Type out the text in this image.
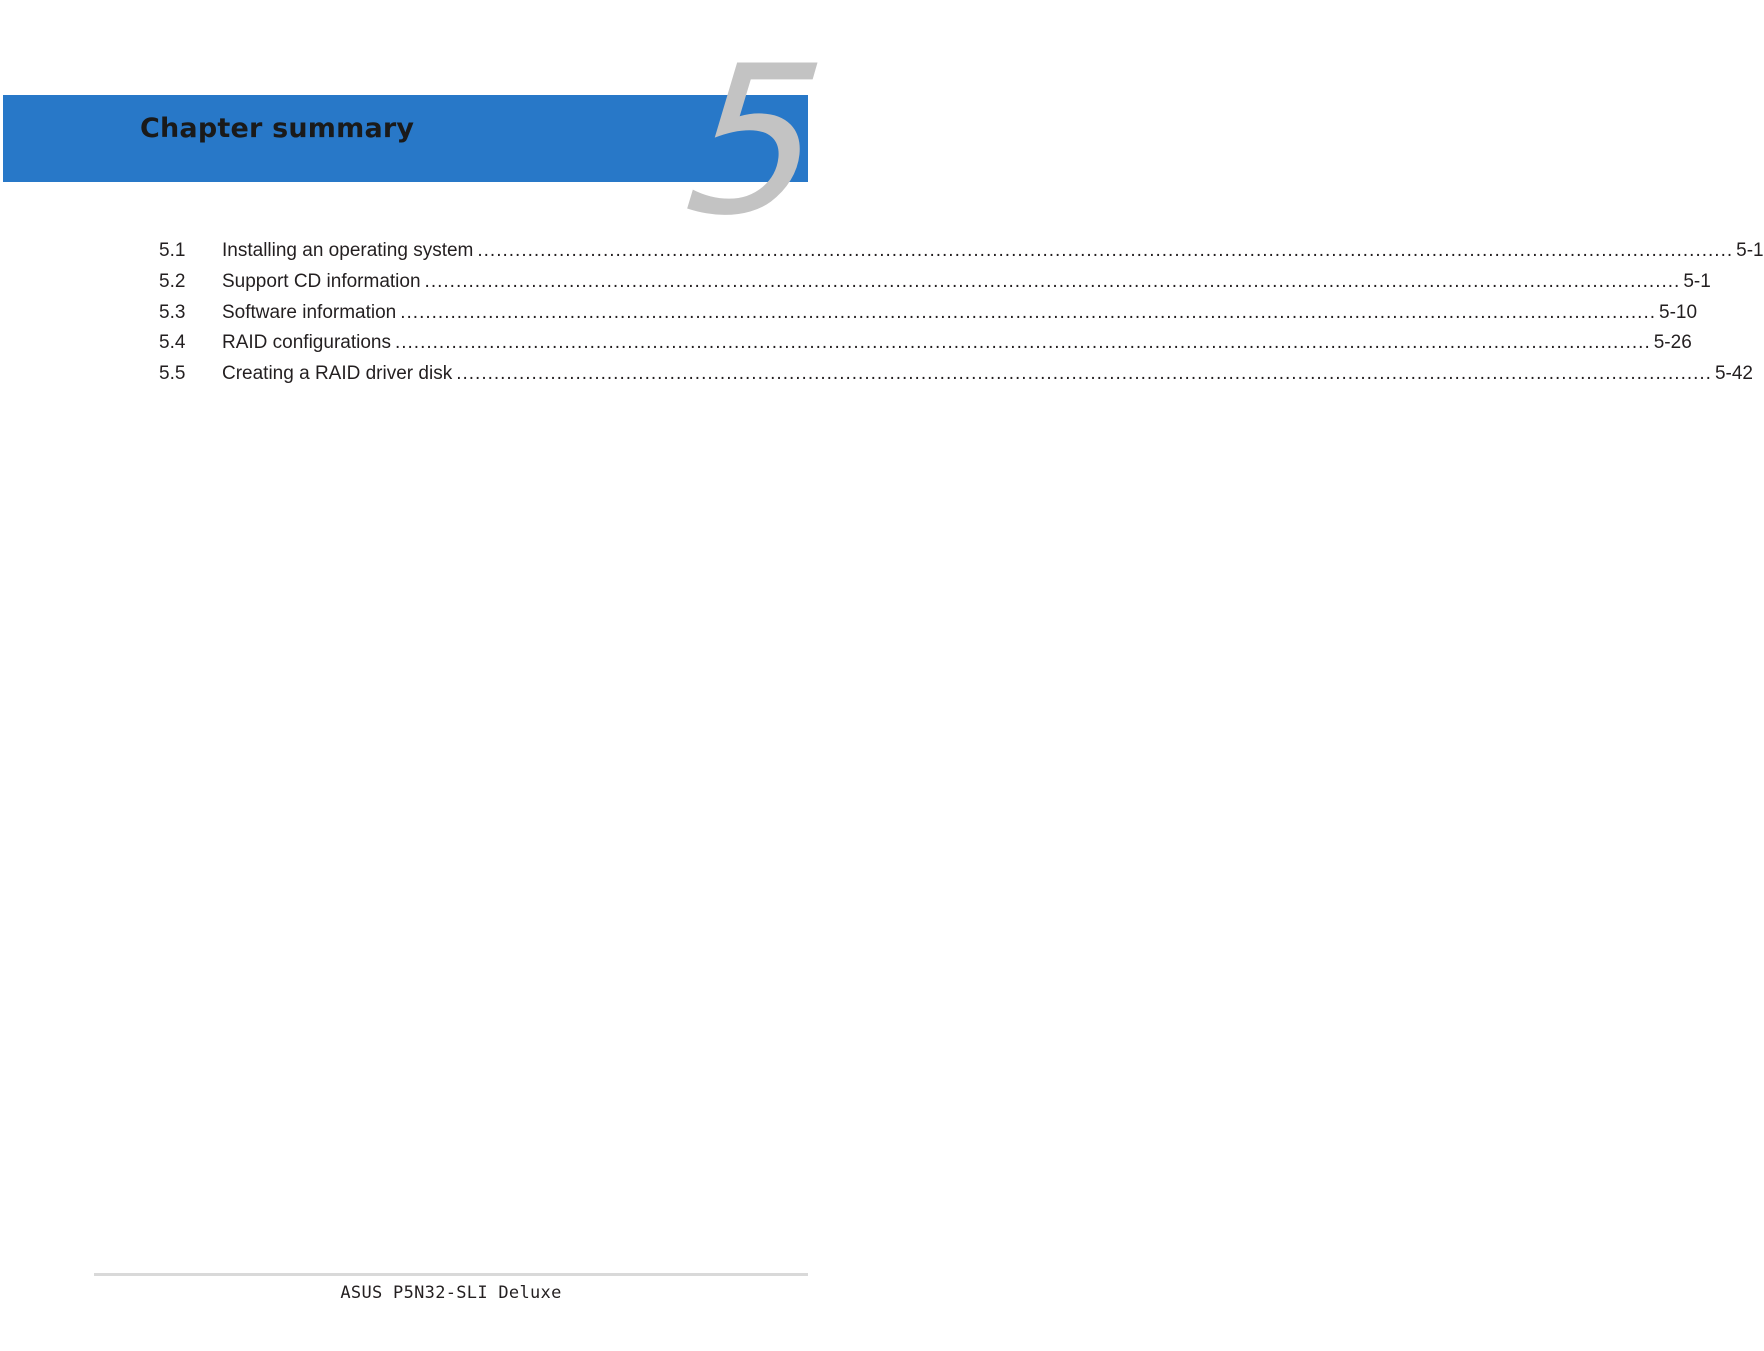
5
Chapter summary
5.1	Installing an operating system ........................................................................................................................................................................................................ 5-1
5.2	Support CD information ........................................................................................................................................................................................................ 5-1
5.3	Software information ........................................................................................................................................................................................................ 5-10
5.4	RAID configurations ........................................................................................................................................................................................................ 5-26
5.5	Creating a RAID driver disk ........................................................................................................................................................................................................ 5-42
ASUS P5N32-SLI Deluxe
